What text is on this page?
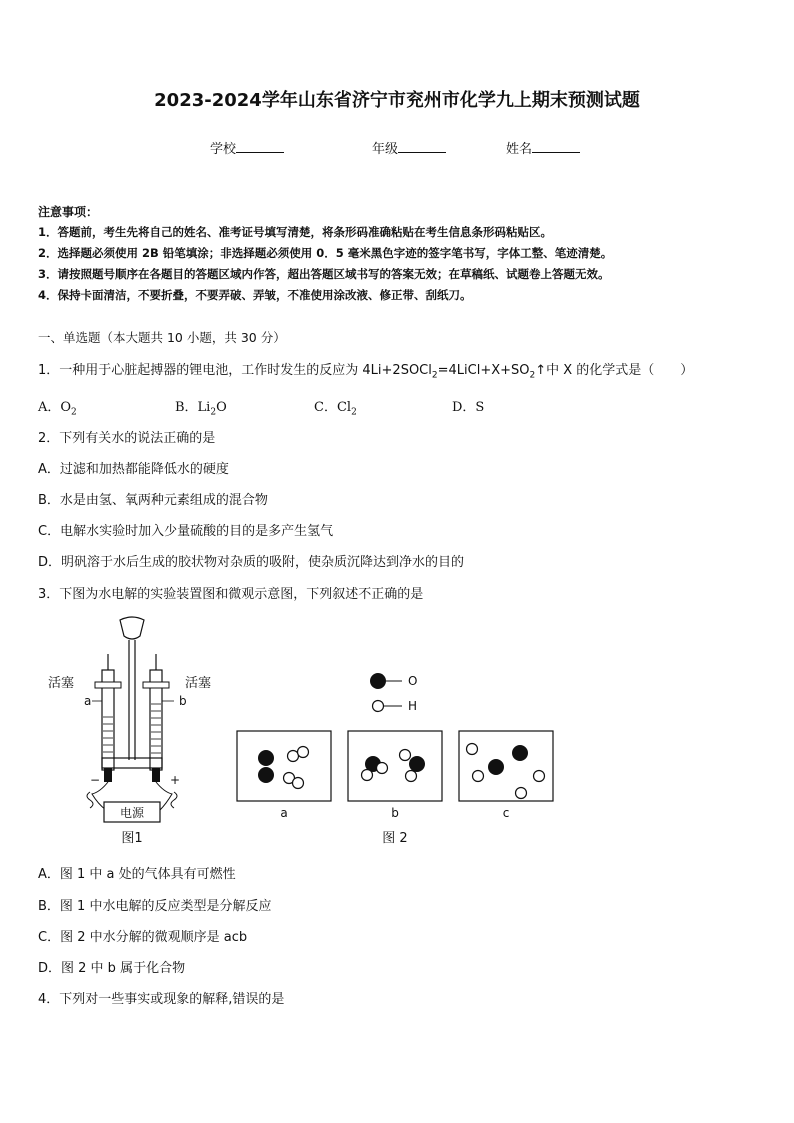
2023-2024学年山东省济宁市兖州市化学九上期末预测试题
学校	年级	姓名
注意事项：
1．答题前，考生先将自己的姓名、准考证号填写清楚，将条形码准确粘贴在考生信息条形码粘贴区。
2．选择题必须使用 2B 铅笔填涂；非选择题必须使用 0．5 毫米黑色字迹的签字笔书写，字体工整、笔迹清楚。
3．请按照题号顺序在各题目的答题区域内作答，超出答题区域书写的答案无效；在草稿纸、试题卷上答题无效。
4．保持卡面清洁，不要折叠，不要弄破、弄皱，不准使用涂改液、修正带、刮纸刀。
一、单选题（本大题共 10 小题，共 30 分）
1．一种用于心脏起搏器的锂电池，工作时发生的反应为 $4Li+2SOCl_2=4LiCl+X+SO_2↑$中 X 的化学式是（　　）
A．$O_2$	B．$Li_2O$	C．$Cl_2$	D．S
2．下列有关水的说法正确的是
A．过滤和加热都能降低水的硬度
B．水是由氢、氧两种元素组成的混合物
C．电解水实验时加入少量硫酸的目的是多产生氢气
D．明矾溶于水后生成的胶状物对杂质的吸附，使杂质沉降达到净水的目的
3．下图为水电解的实验装置图和微观示意图，下列叙述不正确的是
电源
活塞	活塞
a	b
−	+
图1
O
H
a	b	c
图 2
A．图 1 中 a 处的气体具有可燃性
B．图 1 中水电解的反应类型是分解反应
C．图 2 中水分解的微观顺序是 acb
D．图 2 中 b 属于化合物
4．下列对一些事实或现象的解释,错误的是
